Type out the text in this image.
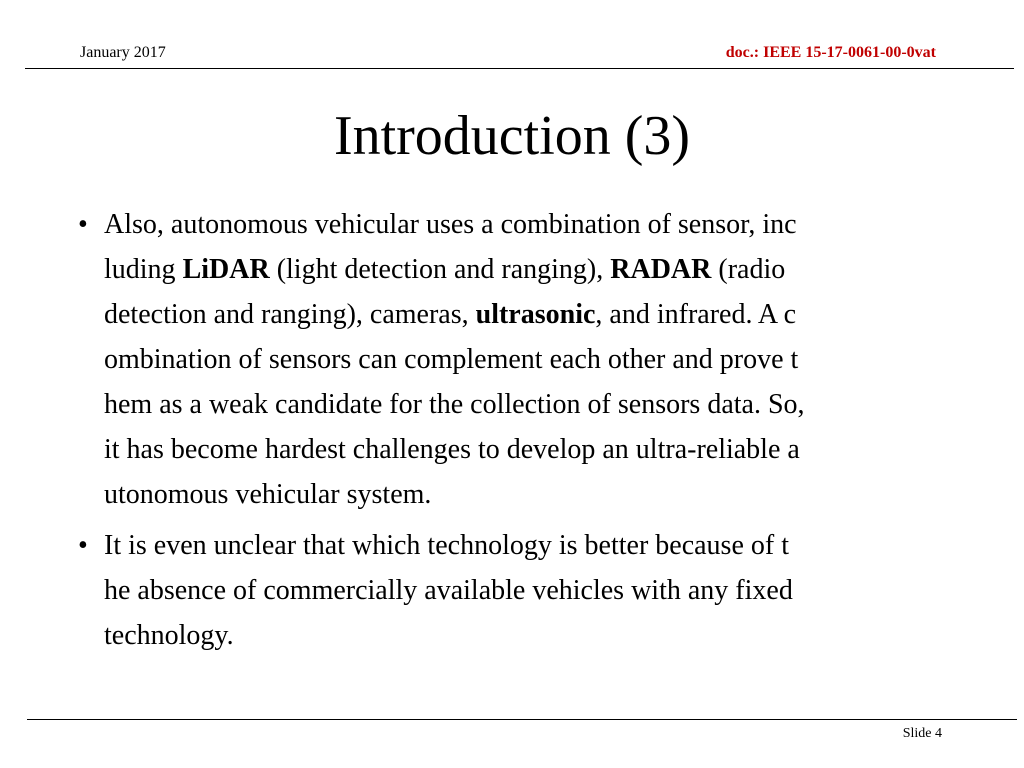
January 2017	doc.: IEEE 15-17-0061-00-0vat
Introduction (3)
• Also, autonomous vehicular uses a combination of sensor, inc
luding LiDAR (light detection and ranging), RADAR (radio
detection and ranging), cameras, ultrasonic, and infrared. A c
ombination of sensors can complement each other and prove t
hem as a weak candidate for the collection of sensors data. So,
it has become hardest challenges to develop an ultra-reliable a
utonomous vehicular system.
• It is even unclear that which technology is better because of t
he absence of commercially available vehicles with any fixed
technology.
Slide 4
